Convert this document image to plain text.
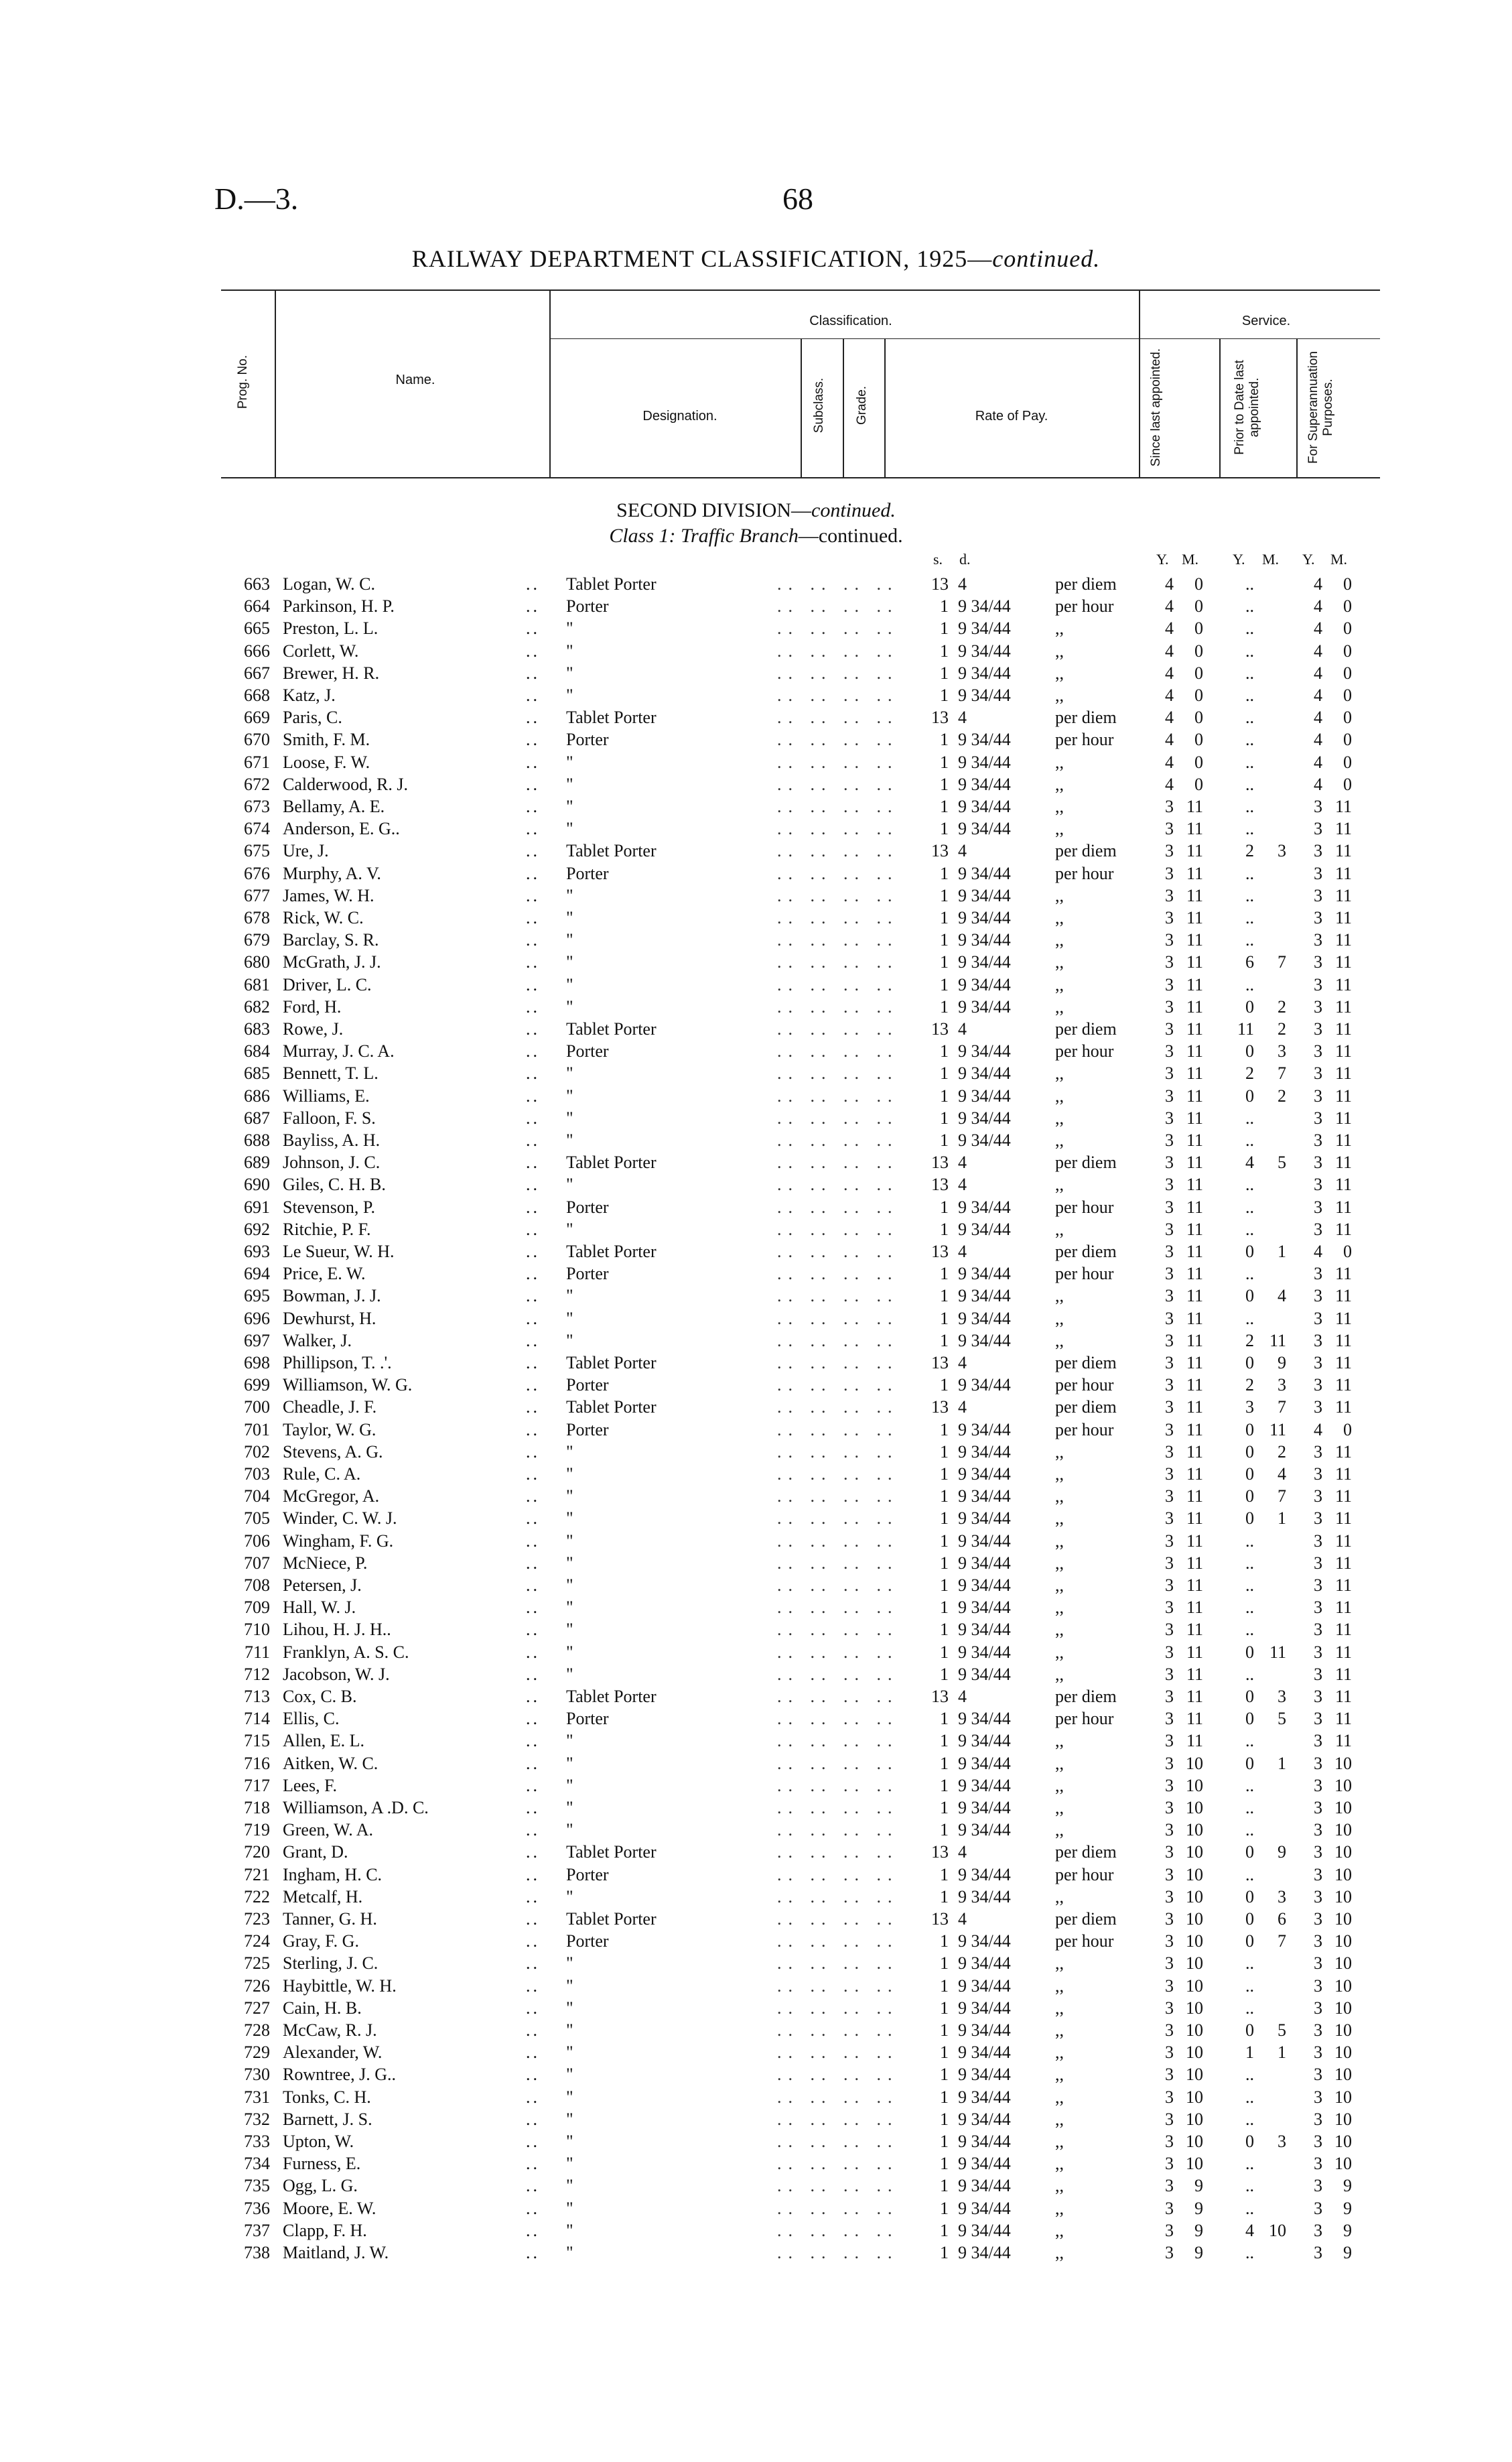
D.—3.	68
RAILWAY DEPARTMENT CLASSIFICATION, 1925—continued.
Prog. No.	Name.
Classification.
Designation.	Subclass. Grade.	Rate of Pay.
Service.
Since last appointed.	Prior to Date last appointed.	For Superannuation Purposes.
SECOND DIVISION—continued.
Class 1: Traffic Branch—continued.
s. d.	Y. M. Y. M. Y. M.
663 Logan, W. C.	.. Tablet Porter	.. .. .. ..	13 4	per diem	4	0	..	4	0
664 Parkinson, H. P.	.. Porter	.. .. .. ..	1 9 34/44	per hour	4	0	..	4	0
665 Preston, L. L.	.. "	.. .. .. ..	1 9 34/44	,,	4	0	..	4	0
666 Corlett, W.	.. "	.. .. .. ..	1 9 34/44	,,	4	0	..	4	0
667 Brewer, H. R.	.. "	.. .. .. ..	1 9 34/44	,,	4	0	..	4	0
668 Katz, J.	.. "	.. .. .. ..	1 9 34/44	,,	4	0	..	4	0
669 Paris, C.	.. Tablet Porter	.. .. .. ..	13 4	per diem	4	0	..	4	0
670 Smith, F. M.	.. Porter	.. .. .. ..	1 9 34/44	per hour	4	0	..	4	0
671 Loose, F. W.	.. "	.. .. .. ..	1 9 34/44	,,	4	0	..	4	0
672 Calderwood, R. J.	.. "	.. .. .. ..	1 9 34/44	,,	4	0	..	4	0
673 Bellamy, A. E.	.. "	.. .. .. ..	1 9 34/44	,,	3 11	..	3 11
674 Anderson, E. G..	.. "	.. .. .. ..	1 9 34/44	,,	3 11	..	3 11
675 Ure, J.	.. Tablet Porter	.. .. .. ..	13 4	per diem	3 11	2	3	3 11
676 Murphy, A. V.	.. Porter	.. .. .. ..	1 9 34/44	per hour	3 11	..	3 11
677 James, W. H.	.. "	.. .. .. ..	1 9 34/44	,,	3 11	..	3 11
678 Rick, W. C.	.. "	.. .. .. ..	1 9 34/44	,,	3 11	..	3 11
679 Barclay, S. R.	.. "	.. .. .. ..	1 9 34/44	,,	3 11	..	3 11
680 McGrath, J. J.	.. "	.. .. .. ..	1 9 34/44	,,	3 11	6	7	3 11
681 Driver, L. C.	.. "	.. .. .. ..	1 9 34/44	,,	3 11	..	3 11
682 Ford, H.	.. "	.. .. .. ..	1 9 34/44	,,	3 11	0	2	3 11
683 Rowe, J.	.. Tablet Porter	.. .. .. ..	13 4	per diem	3 11	11	2	3 11
684 Murray, J. C. A.	.. Porter	.. .. .. ..	1 9 34/44	per hour	3 11	0	3	3 11
685 Bennett, T. L.	.. "	.. .. .. ..	1 9 34/44	,,	3 11	2	7	3 11
686 Williams, E.	.. "	.. .. .. ..	1 9 34/44	,,	3 11	0	2	3 11
687 Falloon, F. S.	.. "	.. .. .. ..	1 9 34/44	,,	3 11	..	3 11
688 Bayliss, A. H.	.. "	.. .. .. ..	1 9 34/44	,,	3 11	..	3 11
689 Johnson, J. C.	.. Tablet Porter	.. .. .. ..	13 4	per diem	3 11	4	5	3 11
690 Giles, C. H. B.	.. "	.. .. .. ..	13 4	,,	3 11	..	3 11
691 Stevenson, P.	.. Porter	.. .. .. ..	1 9 34/44	per hour	3 11	..	3 11
692 Ritchie, P. F.	.. "	.. .. .. ..	1 9 34/44	,,	3 11	..	3 11
693 Le Sueur, W. H.	.. Tablet Porter	.. .. .. ..	13 4	per diem	3 11	0	1	4	0
694 Price, E. W.	.. Porter	.. .. .. ..	1 9 34/44	per hour	3 11	..	3 11
695 Bowman, J. J.	.. "	.. .. .. ..	1 9 34/44	,,	3 11	0	4	3 11
696 Dewhurst, H.	.. "	.. .. .. ..	1 9 34/44	,,	3 11	..	3 11
697 Walker, J.	.. "	.. .. .. ..	1 9 34/44	,,	3 11	2 11	3 11
698 Phillipson, T. .'.	.. Tablet Porter	.. .. .. ..	13 4	per diem	3 11	0	9	3 11
699 Williamson, W. G.	.. Porter	.. .. .. ..	1 9 34/44	per hour	3 11	2	3	3 11
700 Cheadle, J. F.	.. Tablet Porter	.. .. .. ..	13 4	per diem	3 11	3	7	3 11
701 Taylor, W. G.	.. Porter	.. .. .. ..	1 9 34/44	per hour	3 11	0 11	4	0
702 Stevens, A. G.	.. "	.. .. .. ..	1 9 34/44	,,	3 11	0	2	3 11
703 Rule, C. A.	.. "	.. .. .. ..	1 9 34/44	,,	3 11	0	4	3 11
704 McGregor, A.	.. "	.. .. .. ..	1 9 34/44	,,	3 11	0	7	3 11
705 Winder, C. W. J.	.. "	.. .. .. ..	1 9 34/44	,,	3 11	0	1	3 11
706 Wingham, F. G.	.. "	.. .. .. ..	1 9 34/44	,,	3 11	..	3 11
707 McNiece, P.	.. "	.. .. .. ..	1 9 34/44	,,	3 11	..	3 11
708 Petersen, J.	.. "	.. .. .. ..	1 9 34/44	,,	3 11	..	3 11
709 Hall, W. J.	.. "	.. .. .. ..	1 9 34/44	,,	3 11	..	3 11
710 Lihou, H. J. H..	.. "	.. .. .. ..	1 9 34/44	,,	3 11	..	3 11
711 Franklyn, A. S. C.	.. "	.. .. .. ..	1 9 34/44	,,	3 11	0 11	3 11
712 Jacobson, W. J.	.. "	.. .. .. ..	1 9 34/44	,,	3 11	..	3 11
713 Cox, C. B.	.. Tablet Porter	.. .. .. ..	13 4	per diem	3 11	0	3	3 11
714 Ellis, C.	.. Porter	.. .. .. ..	1 9 34/44	per hour	3 11	0	5	3 11
715 Allen, E. L.	.. "	.. .. .. ..	1 9 34/44	,,	3 11	..	3 11
716 Aitken, W. C.	.. "	.. .. .. ..	1 9 34/44	,,	3 10	0	1	3 10
717 Lees, F.	.. "	.. .. .. ..	1 9 34/44	,,	3 10	..	3 10
718 Williamson, A .D. C.	.. "	.. .. .. ..	1 9 34/44	,,	3 10	..	3 10
719 Green, W. A.	.. "	.. .. .. ..	1 9 34/44	,,	3 10	..	3 10
720 Grant, D.	.. Tablet Porter	.. .. .. ..	13 4	per diem	3 10	0	9	3 10
721 Ingham, H. C.	.. Porter	.. .. .. ..	1 9 34/44	per hour	3 10	..	3 10
722 Metcalf, H.	.. "	.. .. .. ..	1 9 34/44	,,	3 10	0	3	3 10
723 Tanner, G. H.	.. Tablet Porter	.. .. .. ..	13 4	per diem	3 10	0	6	3 10
724 Gray, F. G.	.. Porter	.. .. .. ..	1 9 34/44	per hour	3 10	0	7	3 10
725 Sterling, J. C.	.. "	.. .. .. ..	1 9 34/44	,,	3 10	..	3 10
726 Haybittle, W. H.	.. "	.. .. .. ..	1 9 34/44	,,	3 10	..	3 10
727 Cain, H. B.	.. "	.. .. .. ..	1 9 34/44	,,	3 10	..	3 10
728 McCaw, R. J.	.. "	.. .. .. ..	1 9 34/44	,,	3 10	0	5	3 10
729 Alexander, W.	.. "	.. .. .. ..	1 9 34/44	,,	3 10	1	1	3 10
730 Rowntree, J. G..	.. "	.. .. .. ..	1 9 34/44	,,	3 10	..	3 10
731 Tonks, C. H.	.. "	.. .. .. ..	1 9 34/44	,,	3 10	..	3 10
732 Barnett, J. S.	.. "	.. .. .. ..	1 9 34/44	,,	3 10	..	3 10
733 Upton, W.	.. "	.. .. .. ..	1 9 34/44	,,	3 10	0	3	3 10
734 Furness, E.	.. "	.. .. .. ..	1 9 34/44	,,	3 10	..	3 10
735 Ogg, L. G.	.. "	.. .. .. ..	1 9 34/44	,,	3	9	..	3	9
736 Moore, E. W.	.. "	.. .. .. ..	1 9 34/44	,,	3	9	..	3	9
737 Clapp, F. H.	.. "	.. .. .. ..	1 9 34/44	,,	3	9	4 10	3	9
738 Maitland, J. W.	.. "	.. .. .. ..	1 9 34/44	,,	3	9	..	3	9
